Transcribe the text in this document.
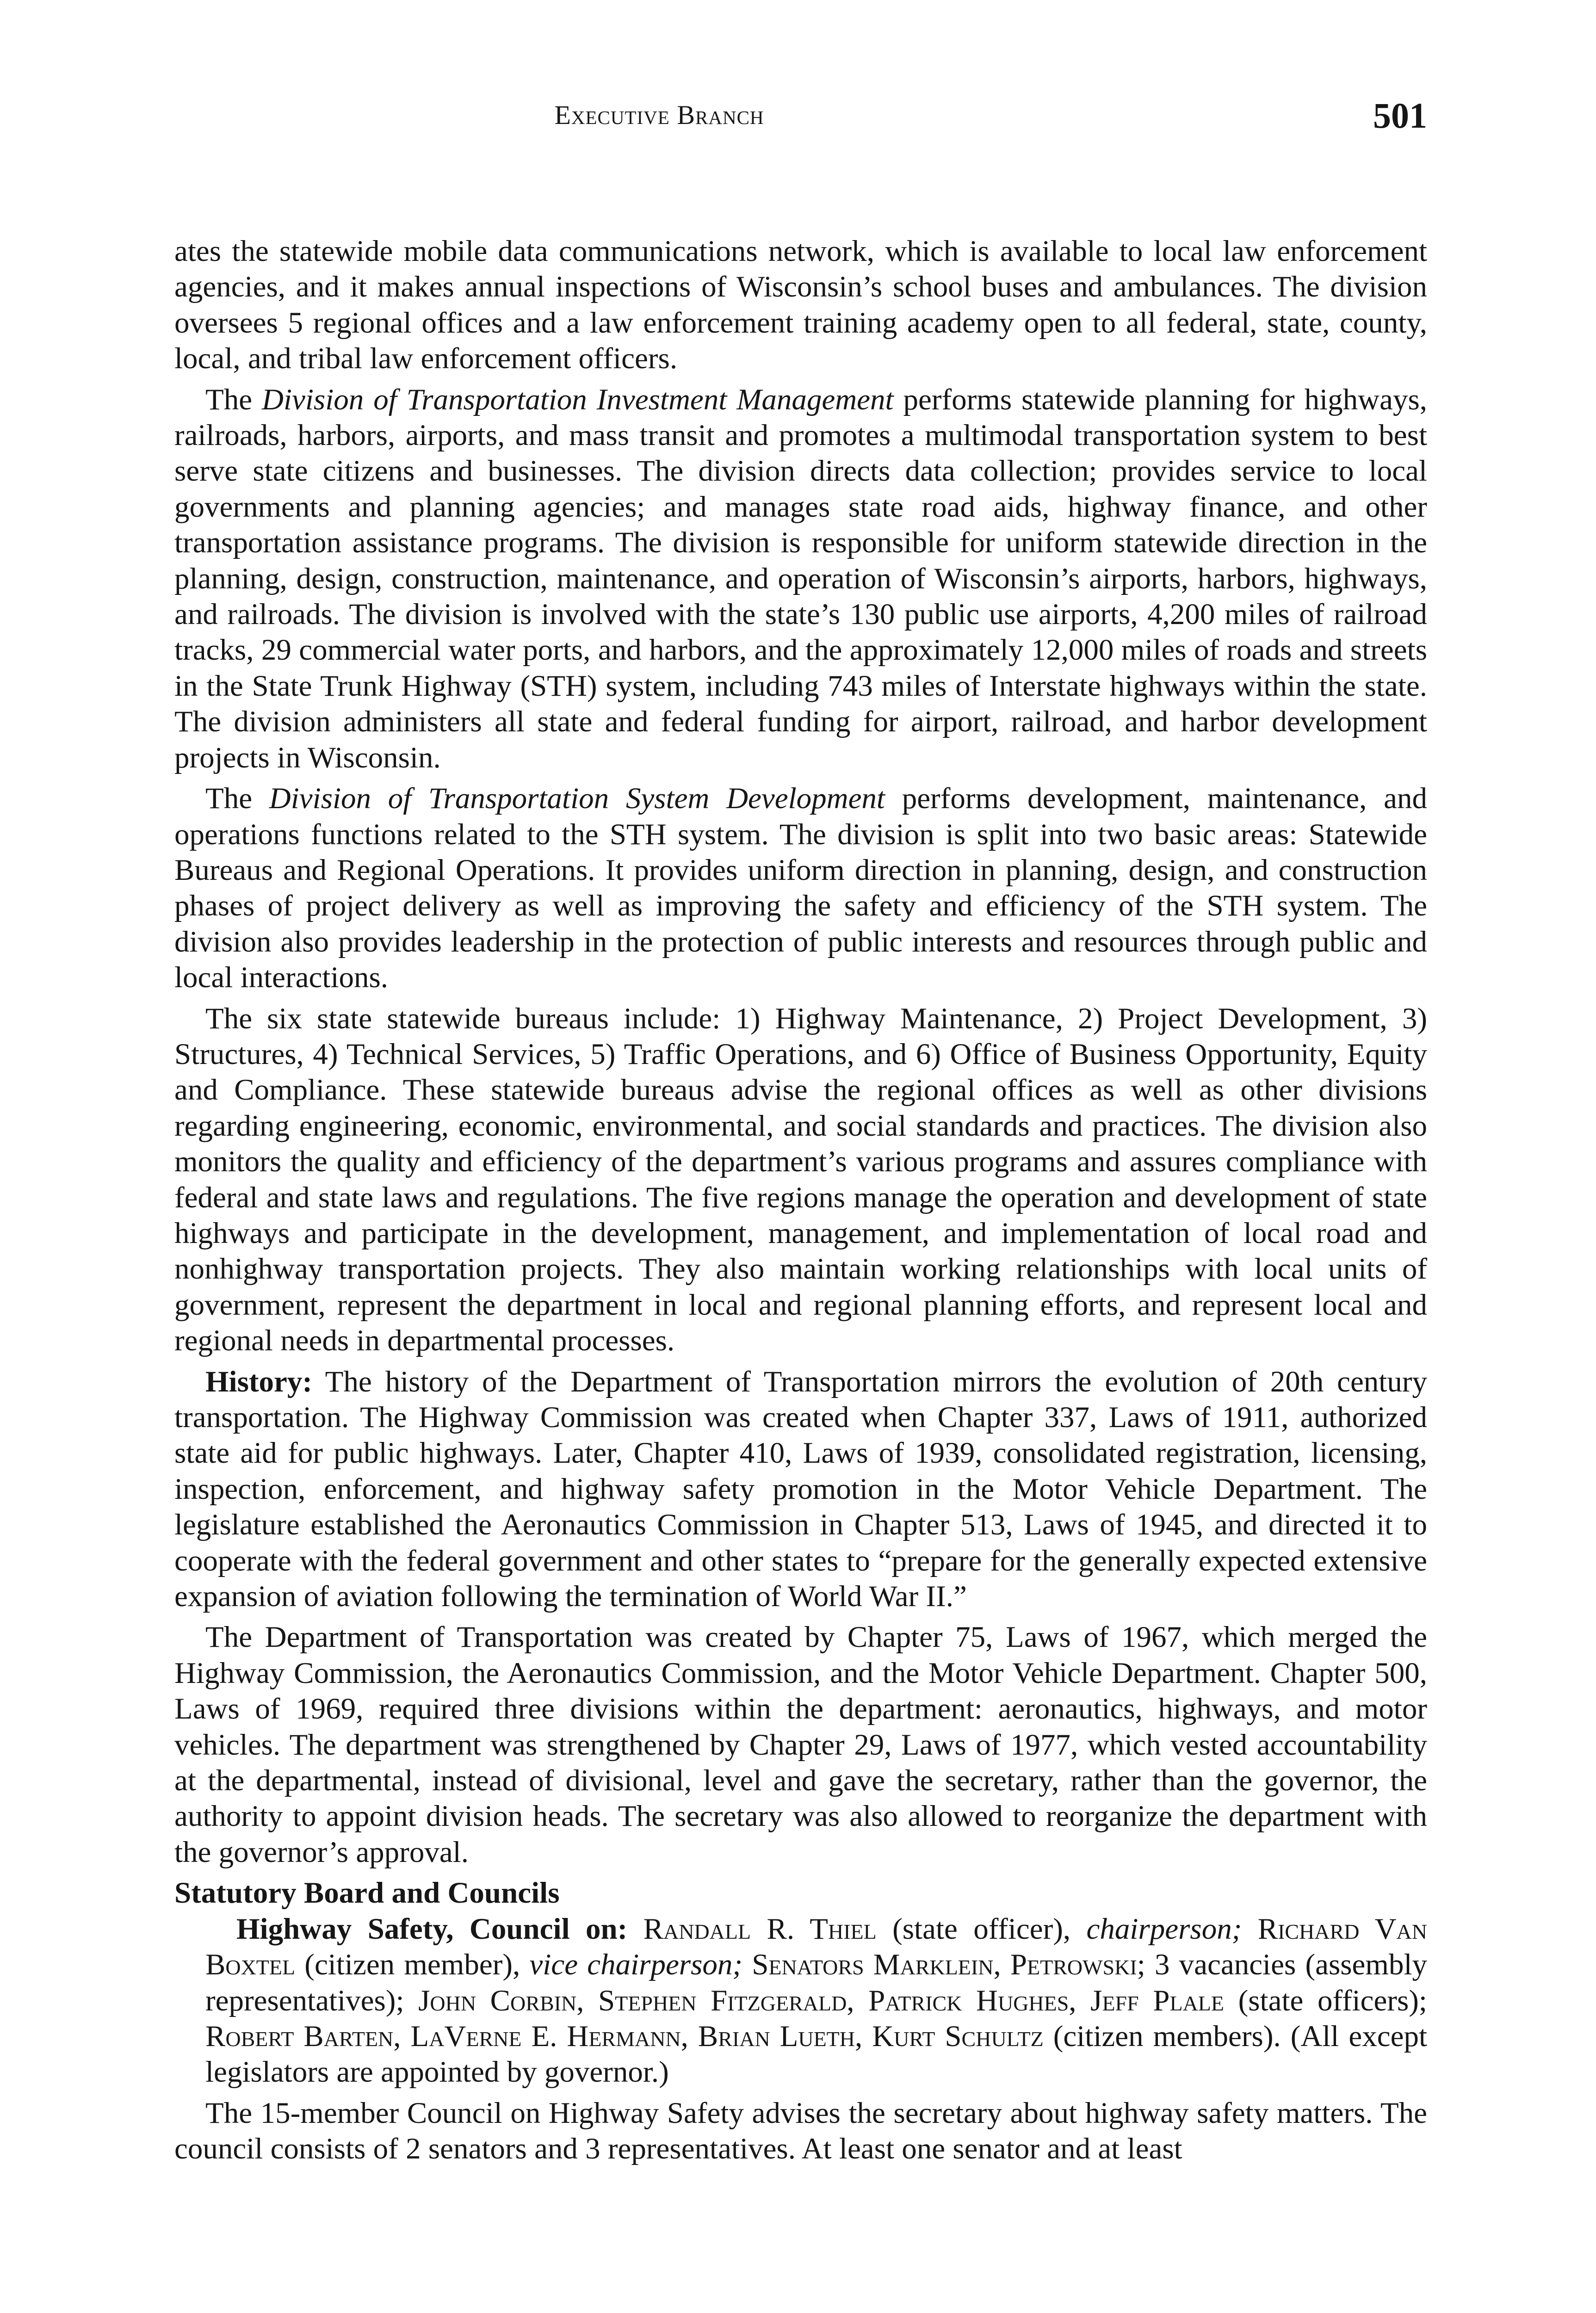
Executive Branch	501

ates the statewide mobile data communications network, which is available to local law enforcement agencies, and it makes annual inspections of Wisconsin’s school buses and ambulances. The division oversees 5 regional offices and a law enforcement training academy open to all federal, state, county, local, and tribal law enforcement officers.

The Division of Transportation Investment Management performs statewide planning for highways, railroads, harbors, airports, and mass transit and promotes a multimodal transportation system to best serve state citizens and businesses. The division directs data collection; provides service to local governments and planning agencies; and manages state road aids, highway finance, and other transportation assistance programs. The division is responsible for uniform statewide direction in the planning, design, construction, maintenance, and operation of Wisconsin’s airports, harbors, highways, and railroads. The division is involved with the state’s 130 public use airports, 4,200 miles of railroad tracks, 29 commercial water ports, and harbors, and the approximately 12,000 miles of roads and streets in the State Trunk Highway (STH) system, including 743 miles of Interstate highways within the state. The division administers all state and federal funding for airport, railroad, and harbor development projects in Wisconsin.

The Division of Transportation System Development performs development, maintenance, and operations functions related to the STH system. The division is split into two basic areas: Statewide Bureaus and Regional Operations. It provides uniform direction in planning, design, and construction phases of project delivery as well as improving the safety and efficiency of the STH system. The division also provides leadership in the protection of public interests and resources through public and local interactions.

The six state statewide bureaus include: 1) Highway Maintenance, 2) Project Development, 3) Structures, 4) Technical Services, 5) Traffic Operations, and 6) Office of Business Opportunity, Equity and Compliance. These statewide bureaus advise the regional offices as well as other divisions regarding engineering, economic, environmental, and social standards and practices. The division also monitors the quality and efficiency of the department’s various programs and assures compliance with federal and state laws and regulations. The five regions manage the operation and development of state highways and participate in the development, management, and implementation of local road and nonhighway transportation projects. They also maintain working relationships with local units of government, represent the department in local and regional planning efforts, and represent local and regional needs in departmental processes.

History: The history of the Department of Transportation mirrors the evolution of 20th century transportation. The Highway Commission was created when Chapter 337, Laws of 1911, authorized state aid for public highways. Later, Chapter 410, Laws of 1939, consolidated registration, licensing, inspection, enforcement, and highway safety promotion in the Motor Vehicle Department. The legislature established the Aeronautics Commission in Chapter 513, Laws of 1945, and directed it to cooperate with the federal government and other states to “prepare for the generally expected extensive expansion of aviation following the termination of World War II.”

The Department of Transportation was created by Chapter 75, Laws of 1967, which merged the Highway Commission, the Aeronautics Commission, and the Motor Vehicle Department. Chapter 500, Laws of 1969, required three divisions within the department: aeronautics, highways, and motor vehicles. The department was strengthened by Chapter 29, Laws of 1977, which vested accountability at the departmental, instead of divisional, level and gave the secretary, rather than the governor, the authority to appoint division heads. The secretary was also allowed to reorganize the department with the governor’s approval.

Statutory Board and Councils

Highway Safety, Council on: Randall R. Thiel (state officer), chairperson; Richard Van Boxtel (citizen member), vice chairperson; Senators Marklein, Petrowski; 3 vacancies (assembly representatives); John Corbin, Stephen Fitzgerald, Patrick Hughes, Jeff Plale (state officers); Robert Barten, LaVerne E. Hermann, Brian Lueth, Kurt Schultz (citizen members). (All except legislators are appointed by governor.)

The 15-member Council on Highway Safety advises the secretary about highway safety matters. The council consists of 2 senators and 3 representatives. At least one senator and at least
